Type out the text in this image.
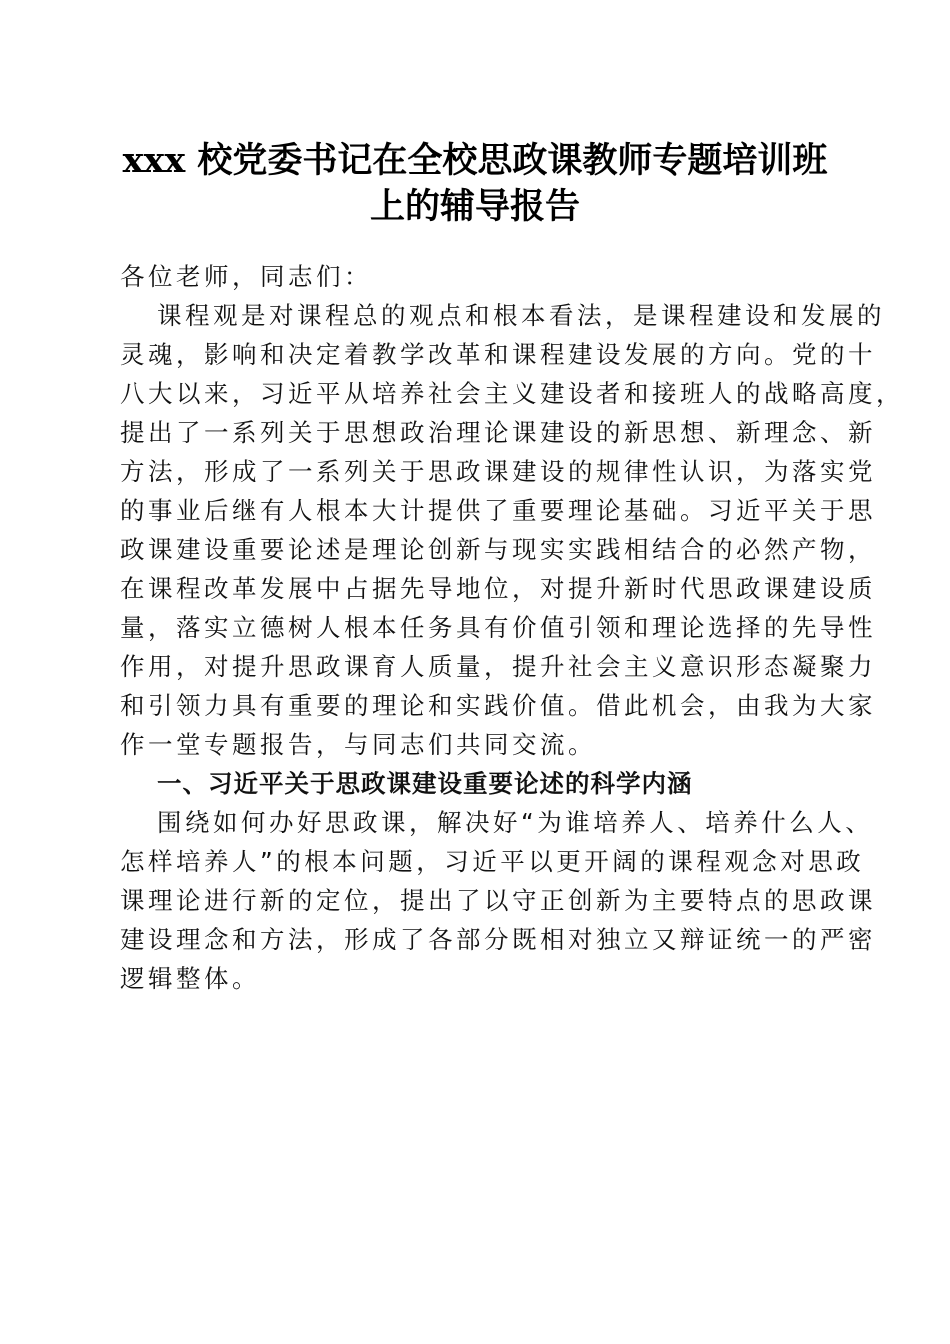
xxx 校党委书记在全校思政课教师专题培训班
上的辅导报告
各位老师，同志们：
课程观是对课程总的观点和根本看法，是课程建设和发展的
灵魂，影响和决定着教学改革和课程建设发展的方向。党的十
八大以来，习近平从培养社会主义建设者和接班人的战略高度，
提出了一系列关于思想政治理论课建设的新思想、新理念、新
方法，形成了一系列关于思政课建设的规律性认识，为落实党
的事业后继有人根本大计提供了重要理论基础。习近平关于思
政课建设重要论述是理论创新与现实实践相结合的必然产物，
在课程改革发展中占据先导地位，对提升新时代思政课建设质
量，落实立德树人根本任务具有价值引领和理论选择的先导性
作用，对提升思政课育人质量，提升社会主义意识形态凝聚力
和引领力具有重要的理论和实践价值。借此机会，由我为大家
作一堂专题报告，与同志们共同交流。
一、习近平关于思政课建设重要论述的科学内涵
围绕如何办好思政课，解决好“为谁培养人、培养什么人、
怎样培养人”的根本问题，习近平以更开阔的课程观念对思政
课理论进行新的定位，提出了以守正创新为主要特点的思政课
建设理念和方法，形成了各部分既相对独立又辩证统一的严密
逻辑整体。
